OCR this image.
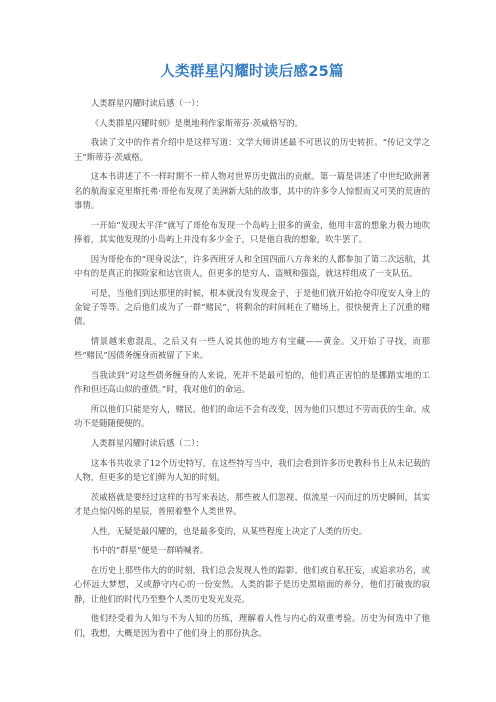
人类群星闪耀时读后感25篇

人类群星闪耀时读后感（一）：

《人类群星闪耀时刻》是奥地利作家斯蒂芬·茨威格写的。

我读了文中的作者介绍中是这样写道：文学大师讲述最不可思议的历史转折。“传记文学之王”斯蒂芬·茨威格。

这本书讲述了不一样时期不一样人物对世界历史做出的贡献。第一篇是讲述了中世纪欧洲著名的航海家克里斯托弗·哥伦布发现了美洲新大陆的故事，其中的许多令人惊恨而又可笑的荒唐的事情。

一开始“发现太平洋”就写了哥伦布发现一个岛屿上很多的黄金，他用丰富的想象力极力地吹捧着，其实他发现的小岛屿上并没有多少金子，只是他自我的想象，吹牛罢了。

因为哥伦布的“现身说法”，许多西班牙人和全国四面八方奔来的人都参加了第二次远航，其中有的是真正的探险家和达官贵人，但更多的是穷人、盗贼和强盗，就这样组成了一支队伍。

可是，当他们到达那里的时候，根本就没有发现金子，于是他们就开始抢夺印度安人身上的金锭子等等。之后他们成为了一群“赌民”，将剩余的时间耗在了赌场上，很快便背上了沉重的赌债。

情景越来愈混乱，之后又有一些人说其他的地方有宝藏——黄金。又开始了寻找，而那些“赌民”因债务缠身而被留了下来。

当我读到“对这些债务缠身的人来说，死并不是最可怕的，他们真正害怕的是挪踏实地的工作和但还高山似的重债。”时，我对他们的命运。

所以他们只能是穷人，赌民。他们的命运不会有改变，因为他们只想过不劳而获的生命。成功不是随随便便的。

人类群星闪耀时读后感（二）：

这本书共收录了12个历史特写，在这些特写当中，我们会看到许多历史教科书上从未记载的人物，但更多的是它们鲜为人知的时刻。

茨威格就是要经过这样的书写来表达，那些被人们忽视、似流星一闪而过的历史瞬间，其实才是点惊闪烁的星辰，普照着整个人类世界。

人性，无疑是最闪耀的，也是最多变的，从某些程度上决定了人类的历史。

书中的“群星”便是一群哨喊者。

在历史上那些伟大的的时刻，我们总会发现人性的踪影。他们或自私狂妄，或追求功名，或心怀远大梦想，又或静守内心的一份安然。人类的影子是历史黑暗面的养分，他们打破夜的寂静，让他们的时代乃至整个人类历史发光发亮。

他们经受着为人知与不为人知的历练，理解着人性与内心的双重考验。历史为何选中了他们，我想，大概是因为看中了他们身上的那份执念。
